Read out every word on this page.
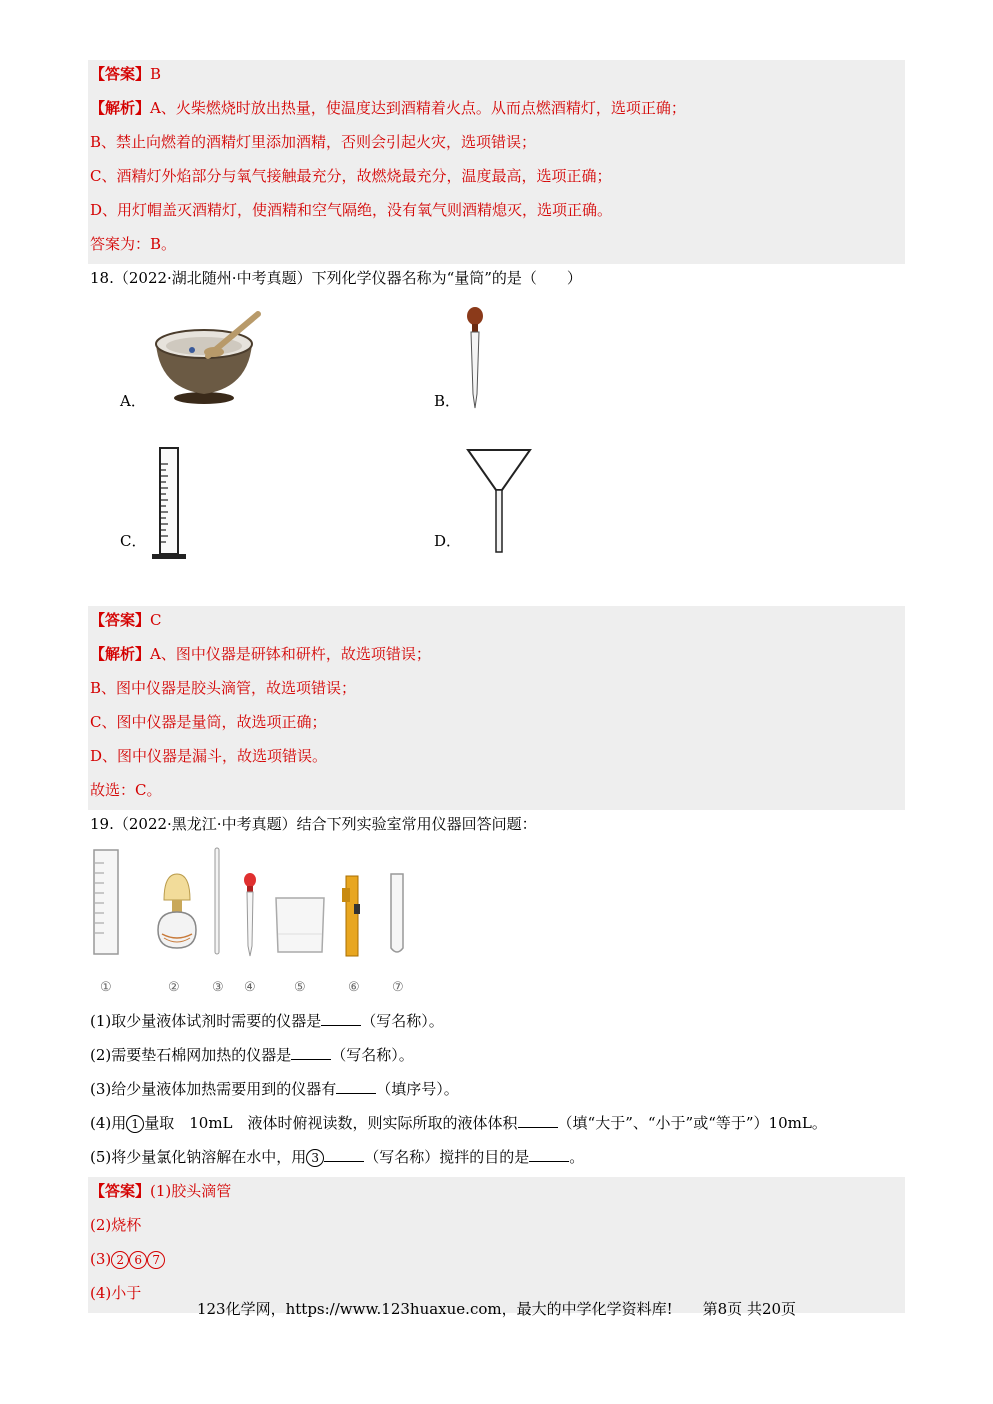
【答案】B
【解析】A、火柴燃烧时放出热量，使温度达到酒精着火点。从而点燃酒精灯，选项正确；
B、禁止向燃着的酒精灯里添加酒精，否则会引起火灾，选项错误；
C、酒精灯外焰部分与氧气接触最充分，故燃烧最充分，温度最高，选项正确；
D、用灯帽盖灭酒精灯，使酒精和空气隔绝，没有氧气则酒精熄灭，选项正确。
答案为：B。
18.（2022·湖北随州·中考真题）下列化学仪器名称为“量筒”的是（　　）
A．	B．
C．	D．
【答案】C
【解析】A、图中仪器是研钵和研杵，故选项错误；
B、图中仪器是胶头滴管，故选项错误；
C、图中仪器是量筒，故选项正确；
D、图中仪器是漏斗，故选项错误。
故选：C。
19.（2022·黑龙江·中考真题）结合下列实验室常用仪器回答问题：
①	② ③ ④	⑤	⑥ ⑦
(1)取少量液体试剂时需要的仪器是	（写名称）。
(2)需要垫石棉网加热的仪器是	（写名称）。
(3)给少量液体加热需要用到的仪器有	（填序号）。
(4)用 1 量取　10mL　液体时俯视读数，则实际所取的液体体积	（填“大于”、“小于”或“等于”）10mL。
(5)将少量氯化钠溶解在水中，用 3	（写名称）搅拌的目的是	。
【答案】(1)胶头滴管
(2)烧杯
(3) 2 6 7
(4)小于
123化学网，https://www.123huaxue.com，最大的中学化学资料库!　　第8页 共20页
